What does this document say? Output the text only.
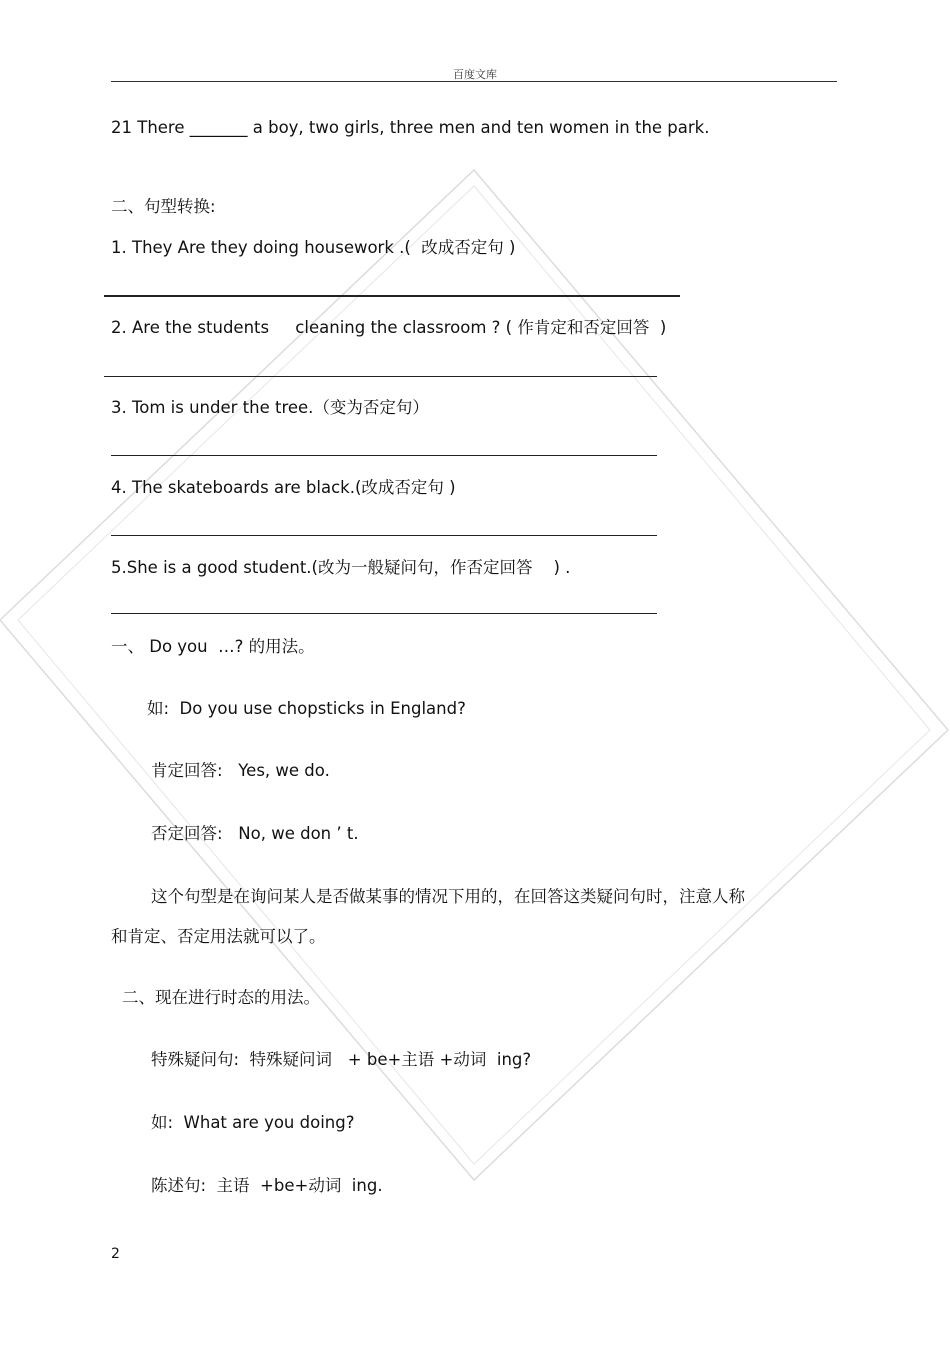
百度文库
21 There _______ a boy, two girls, three men and ten women in the park.
二、句型转换:
1. They Are they doing housework .(  改成否定句 )
2. Are the students     cleaning the classroom ? ( 作肯定和否定回答  )
3. Tom is under the tree.（变为否定句）
4. The skateboards are black.(改成否定句 )
5.She is a good student.(改为一般疑问句，作否定回答    ) .
一、 Do you  …? 的用法。
如:  Do you use chopsticks in England?
肯定回答:   Yes, we do.
否定回答:   No, we don ’ t.
这个句型是在询问某人是否做某事的情况下用的，在回答这类疑问句时，注意人称
和肯定、否定用法就可以了。
二、现在进行时态的用法。
特殊疑问句:  特殊疑问词   + be+主语 +动词  ing?
如:  What are you doing?
陈述句:  主语  +be+动词  ing.
2
